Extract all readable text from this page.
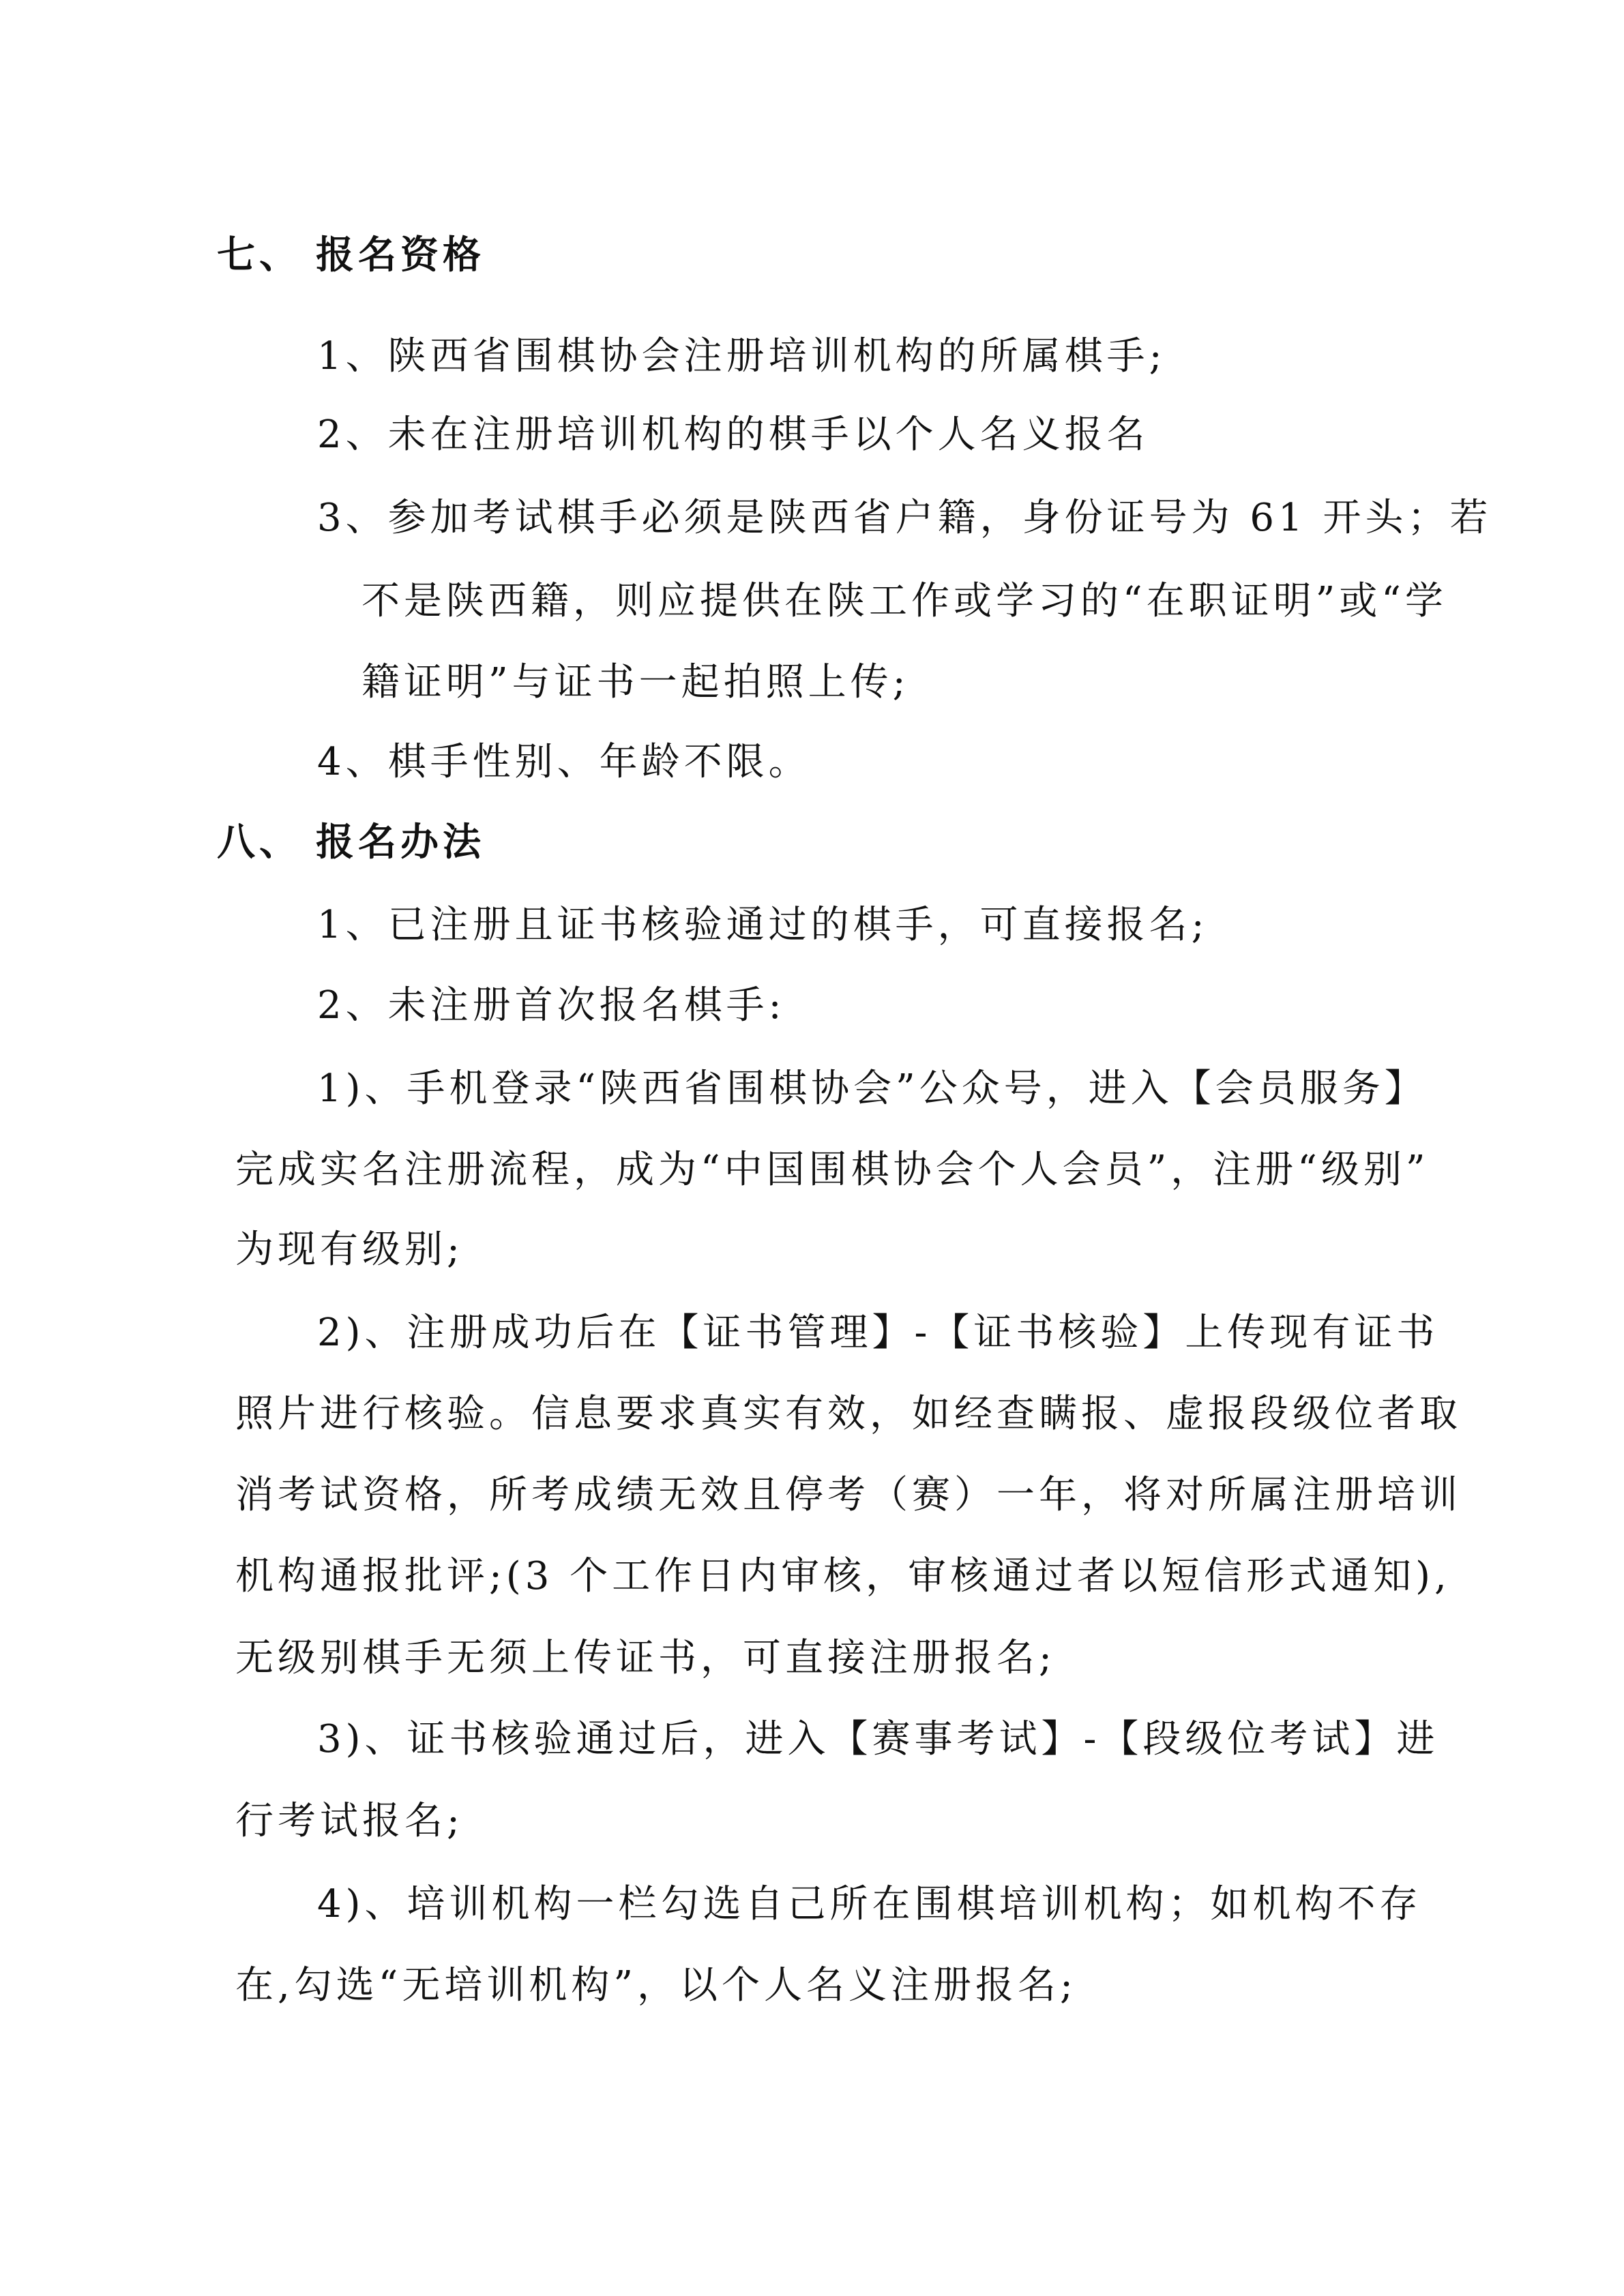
七、 报名资格
1、陕西省围棋协会注册培训机构的所属棋手;
2、未在注册培训机构的棋手以个人名义报名
3、参加考试棋手必须是陕西省户籍，身份证号为 61 开头；若
不是陕西籍，则应提供在陕工作或学习的“在职证明”或“学
籍证明”与证书一起拍照上传;
4、棋手性别、年龄不限。
八、 报名办法
1、已注册且证书核验通过的棋手，可直接报名;
2、未注册首次报名棋手:
1)、手机登录“陕西省围棋协会”公众号，进入【会员服务】
完成实名注册流程，成为“中国围棋协会个人会员”，注册“级别”
为现有级别;
2)、注册成功后在【证书管理】-【证书核验】上传现有证书
照片进行核验。信息要求真实有效，如经查瞒报、虚报段级位者取
消考试资格，所考成绩无效且停考（赛）一年，将对所属注册培训
机构通报批评;(3 个工作日内审核，审核通过者以短信形式通知),
无级别棋手无须上传证书，可直接注册报名;
3)、证书核验通过后，进入【赛事考试】-【段级位考试】进
行考试报名;
4)、培训机构一栏勾选自己所在围棋培训机构；如机构不存
在,勾选“无培训机构”，以个人名义注册报名;
